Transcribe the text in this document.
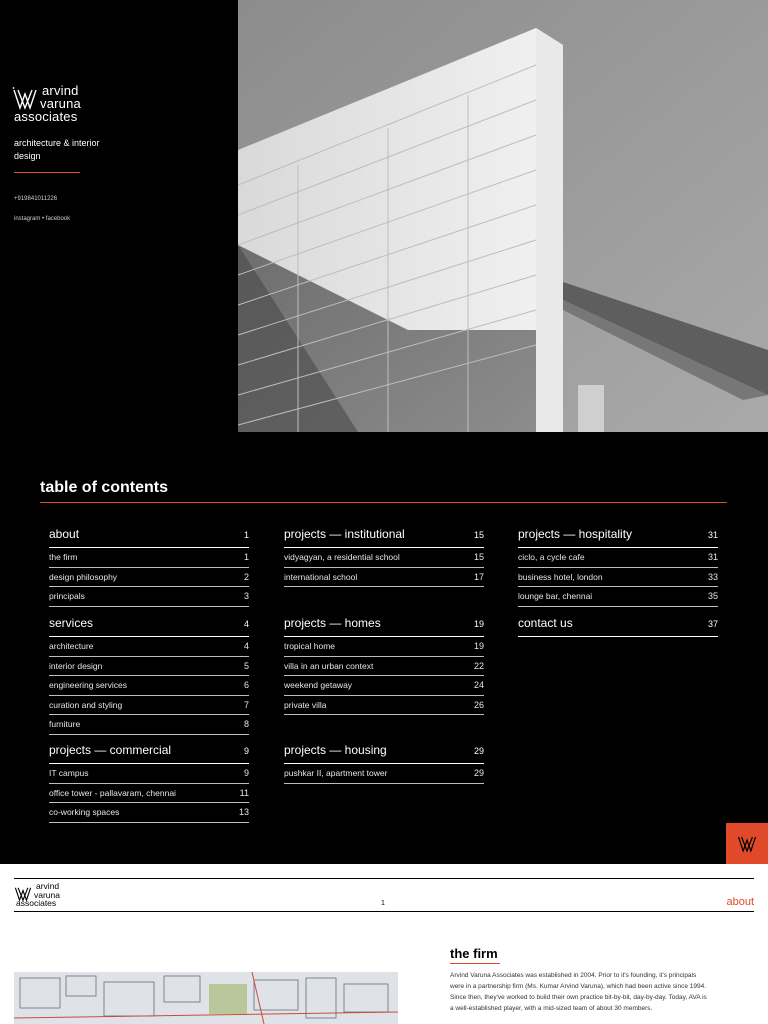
arvind
varuna
associates
architecture & interior design
+919841011226
instagram • facebook
table of contents
about	1
the firm	1
design philosophy	2
principals	3
services	4
architecture	4
interior design	5
engineering services	6
curation and styling	7
furniture	8
projects — commercial	9
IT campus	9
office tower - pallavaram, chennai	11
co-working spaces	13
projects — institutional	15
vidyagyan, a residential school	15
international school	17
projects — homes	19
tropical home	19
villa in an urban context	22
weekend getaway	24
private villa	26
projects — housing	29
pushkar II, apartment tower	29
projects — hospitality	31
ciclo, a cycle cafe	31
business hotel, london	33
lounge bar, chennai	35
contact us	37
arvind
varuna
associates	1	about
the firm

Arvind Varuna Associates was established in 2004. Prior to it's founding, it's principals were in a partnership firm (Ms. Kumar Arvind Varuna), which had been active since 1994. Since then, they've worked to build their own practice bit-by-bit, day-by-day. Today, AVA is a well-established player, with a mid-sized team of about 30 members.
